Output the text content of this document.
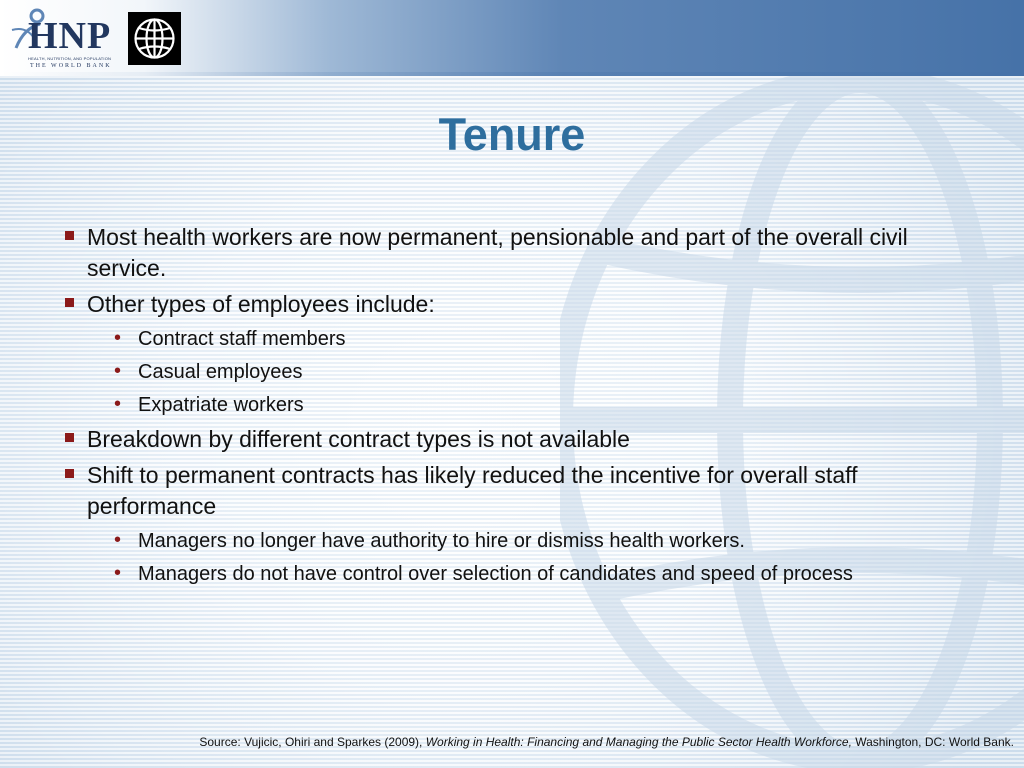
HNP
HEALTH, NUTRITION, AND POPULATION
THE WORLD BANK
Tenure
Most health workers are now permanent, pensionable and part of the overall civil service.
Other types of employees include:
• Contract staff members
• Casual employees
• Expatriate workers
Breakdown by different contract types is not available
Shift to permanent contracts has likely reduced the incentive for overall staff performance
• Managers no longer have authority to hire or dismiss health workers.
• Managers do not have control over selection of candidates and speed of process
Source: Vujicic, Ohiri and Sparkes (2009), Working in Health: Financing and Managing the Public Sector Health Workforce, Washington, DC: World Bank.
